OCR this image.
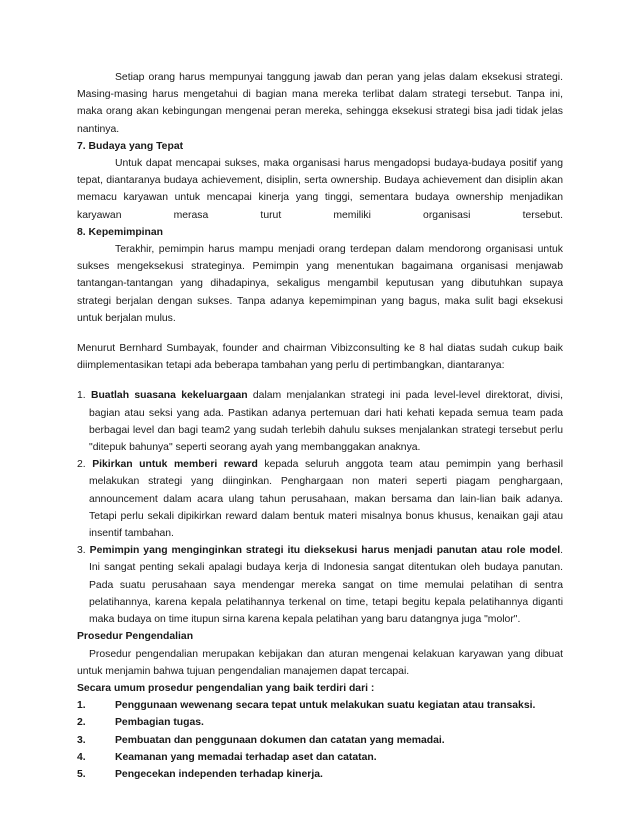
Setiap orang harus mempunyai tanggung jawab dan peran yang jelas dalam eksekusi strategi. Masing-masing harus mengetahui di bagian mana mereka terlibat dalam strategi tersebut. Tanpa ini, maka orang akan kebingungan mengenai peran mereka, sehingga eksekusi strategi bisa jadi tidak jelas nantinya.

7. Budaya yang Tepat

Untuk dapat mencapai sukses, maka organisasi harus mengadopsi budaya-budaya positif yang tepat, diantaranya budaya achievement, disiplin, serta ownership. Budaya achievement dan disiplin akan memacu karyawan untuk mencapai kinerja yang tinggi, sementara budaya ownership menjadikan karyawan merasa turut memiliki organisasi tersebut.

8. Kepemimpinan

Terakhir, pemimpin harus mampu menjadi orang terdepan dalam mendorong organisasi untuk sukses mengeksekusi strateginya. Pemimpin yang menentukan bagaimana organisasi menjawab tantangan-tantangan yang dihadapinya, sekaligus mengambil keputusan yang dibutuhkan supaya strategi berjalan dengan sukses. Tanpa adanya kepemimpinan yang bagus, maka sulit bagi eksekusi untuk berjalan mulus.

Menurut Bernhard Sumbayak, founder and chairman Vibizconsulting ke 8 hal diatas sudah cukup baik diimplementasikan tetapi ada beberapa tambahan yang perlu di pertimbangkan, diantaranya:

1. Buatlah suasana kekeluargaan dalam menjalankan strategi ini pada level-level direktorat, divisi, bagian atau seksi yang ada. Pastikan adanya pertemuan dari hati kehati kepada semua team pada berbagai level dan bagi team2 yang sudah terlebih dahulu sukses menjalankan strategi tersebut perlu "ditepuk bahunya" seperti seorang ayah yang membanggakan anaknya.

2. Pikirkan untuk memberi reward kepada seluruh anggota team atau pemimpin yang berhasil melakukan strategi yang diinginkan. Penghargaan non materi seperti piagam penghargaan, announcement dalam acara ulang tahun perusahaan, makan bersama dan lain-lian baik adanya. Tetapi perlu sekali dipikirkan reward dalam bentuk materi misalnya bonus khusus, kenaikan gaji atau insentif tambahan.

3. Pemimpin yang menginginkan strategi itu dieksekusi harus menjadi panutan atau role model. Ini sangat penting sekali apalagi budaya kerja di Indonesia sangat ditentukan oleh budaya panutan. Pada suatu perusahaan saya mendengar mereka sangat on time memulai pelatihan di sentra pelatihannya, karena kepala pelatihannya terkenal on time, tetapi begitu kepala pelatihannya diganti maka budaya on time itupun sirna karena kepala pelatihan yang baru datangnya juga "molor".

Prosedur Pengendalian

Prosedur pengendalian merupakan kebijakan dan aturan mengenai kelakuan karyawan yang dibuat untuk menjamin bahwa tujuan pengendalian manajemen dapat tercapai.

Secara umum prosedur pengendalian yang baik terdiri dari :

1.	Penggunaan wewenang secara tepat untuk melakukan suatu kegiatan atau transaksi.
2.	Pembagian tugas.
3.	Pembuatan dan penggunaan dokumen dan catatan yang memadai.
4.	Keamanan yang memadai terhadap aset dan catatan.
5.	Pengecekan independen terhadap kinerja.
